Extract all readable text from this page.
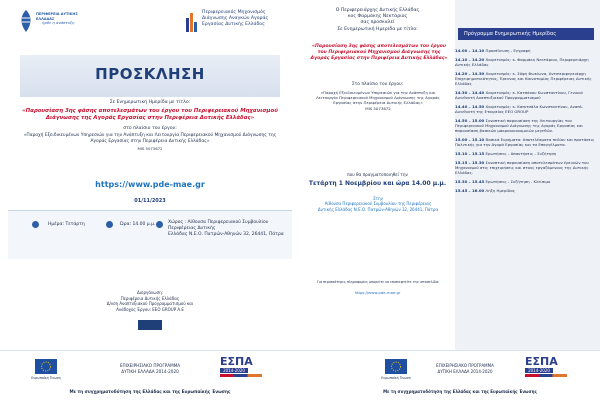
ΠΕΡΙΦΕΡΕΙΑ ΔΥΤΙΚΗΣ ΕΛΛΑΔΑΣ
ήρθε η ανάπτυξη
Περιφερειακός Μηχανισμός
Διάγνωσης Αναγκών Αγοράς
Εργασίας Δυτικής Ελλάδος
ΠΡΟΣΚΛΗΣΗ
Σε Ενημερωτική Ημερίδα με τίτλο:
«Παρουσίαση 3ης φάσης αποτελεσμάτων του έργου του Περιφερειακού Μηχανισμού
Διάγνωσης της Αγοράς Εργασίας στην Περιφέρεια Δυτικής Ελλάδας»
στο πλαίσιο του έργου:
«Παροχή Εξειδικευμένων Υπηρεσιών για την Ανάπτυξη και Λειτουργία Περιφερειακού Μηχανισμού Διάγνωσης της
Αγοράς Εργασίας στην Περιφέρεια Δυτικής Ελλάδας»
MIS 5073672
https://www.pde-mae.gr
01/11/2023
Ημέρα: Τετάρτη	Ώρα: 14.00 μ.μ.	Χώρος : Αίθουσα Περιφερειακού Συμβουλίου Περιφέρειας Δυτικής
Ελλάδας Ν.Ε.Ο. Πατρών-Αθηνών 32, 26441, Πάτρα
Διοργάνωση:
Περιφέρεια Δυτικής Ελλάδας
Δ/νση Αναπτυξιακού Προγραμματισμού και
Ανάδοχος Έργου: EEO GROUP A.E
Ευρωπαϊκή Ένωση
ΕΠΙΧΕΙΡΗΣΙΑΚΟ ΠΡΟΓΡΑΜΜΑ
ΔΥΤΙΚΗ ΕΛΛΑΔΑ 2014-2020
ΕΣΠΑ
2014-2020
Με τη συγχρηματοδότηση της Ελλάδας και της Ευρωπαϊκής Ένωσης
Ο Περιφερειάρχης Δυτικής Ελλάδας
κος Φαρμάκης Νεκτάριος
σας προσκαλεί
Σε Ενημερωτική Ημερίδα με τίτλο:
«Παρουσίαση 3ης φάσης αποτελεσμάτων του έργου
του Περιφερειακού Μηχανισμού Διάγνωσης της
Αγοράς Εργασίας στην Περιφέρεια Δυτικής Ελλάδας»
Στο πλαίσιο του έργου:
«Παροχή Εξειδικευμένων Υπηρεσιών για την Ανάπτυξη και
Λειτουργία Περιφερειακού Μηχανισμού Διάγνωσης της Αγοράς
Εργασίας στην Περιφέρεια Δυτικής Ελλάδας»
MIS 5073672
που θα πραγματοποιηθεί την
Τετάρτη 1 Νοεμβρίου και ώρα 14.00 μ.μ.
Στην
Αίθουσα Περιφερειακού Συμβουλίου της Περιφέρειας
Δυτικής Ελλάδας Ν.Ε.Ο. Πατρών-Αθηνών 32, 26441, Πάτρα
Για περισσότερες πληροφορίες μπορείτε να επισκεφτείτε την ιστοσελίδα:
https://www.pde-mae.gr
Πρόγραμμα Ενημερωτικής Ημερίδας
14.00 – 14.10 Προσέλευση - Εγγραφή
14.10 – 14.20 Χαιρετισμός: κ. Φαρμάκη Νεκτάριου, Περιφερειάρχη Δυτικής Ελλάδας
14.20 – 14.30 Χαιρετισμός: κ. Σόφη Φωκίωνα, Αντιπεριφερειάρχη Επιχειρηματικότητας, Έρευνας και Καινοτομίας Περιφέρειας Δυτικής Ελλάδας
14.30 – 14.40 Χαιρετισμός: κ. Κατσάνου Κωνσταντίνου, Γενικού Διευθυντή Αναπτυξιακού Προγραμματισμού
14.40 – 14.50 Χαιρετισμός: κ. Καπιτσάλα Κωνσταντίνου, Αναπλ. Διευθυντή της Εταιρείας EEO GROUP
14.50 – 15.00 Συνοπτική παρουσίαση της Λειτουργίας του Περιφερειακού Μηχανισμού Διάγνωσης της Αγοράς Εργασίας και παρουσίαση βασικών μακροοικονομικών μεγεθών.
15.00 – 15.10 Βασικά Ευρήματα: Αποτελέσματα πεδίου και προτάσεις Πολιτικής για την Αγορά Εργασίας και τα Επαγγέλματα.
15.10 – 15.15 Ερωτήσεις - Απαντήσεις - Συζήτηση
15.15 – 15.30 Συνοπτική παρουσίαση αποτελεσμάτων έρευνών του Μηχανισμού στις επιχειρήσεις και στους εργαζόμενους της Δυτικής Ελλάδας.
15.30 – 15.45 Ερωτήσεις - Συζήτηση - Κλείσιμο
15.45 – 16.00 Λήξη Ημερίδας
Ευρωπαϊκή Ένωση
ΕΠΙΧΕΙΡΗΣΙΑΚΟ ΠΡΟΓΡΑΜΜΑ
ΔΥΤΙΚΗ ΕΛΛΑΔΑ 2014-2020
ΕΣΠΑ
2014-2020
Με τη συγχρηματοδότηση της Ελλάδας και της Ευρωπαϊκής Ένωσης
